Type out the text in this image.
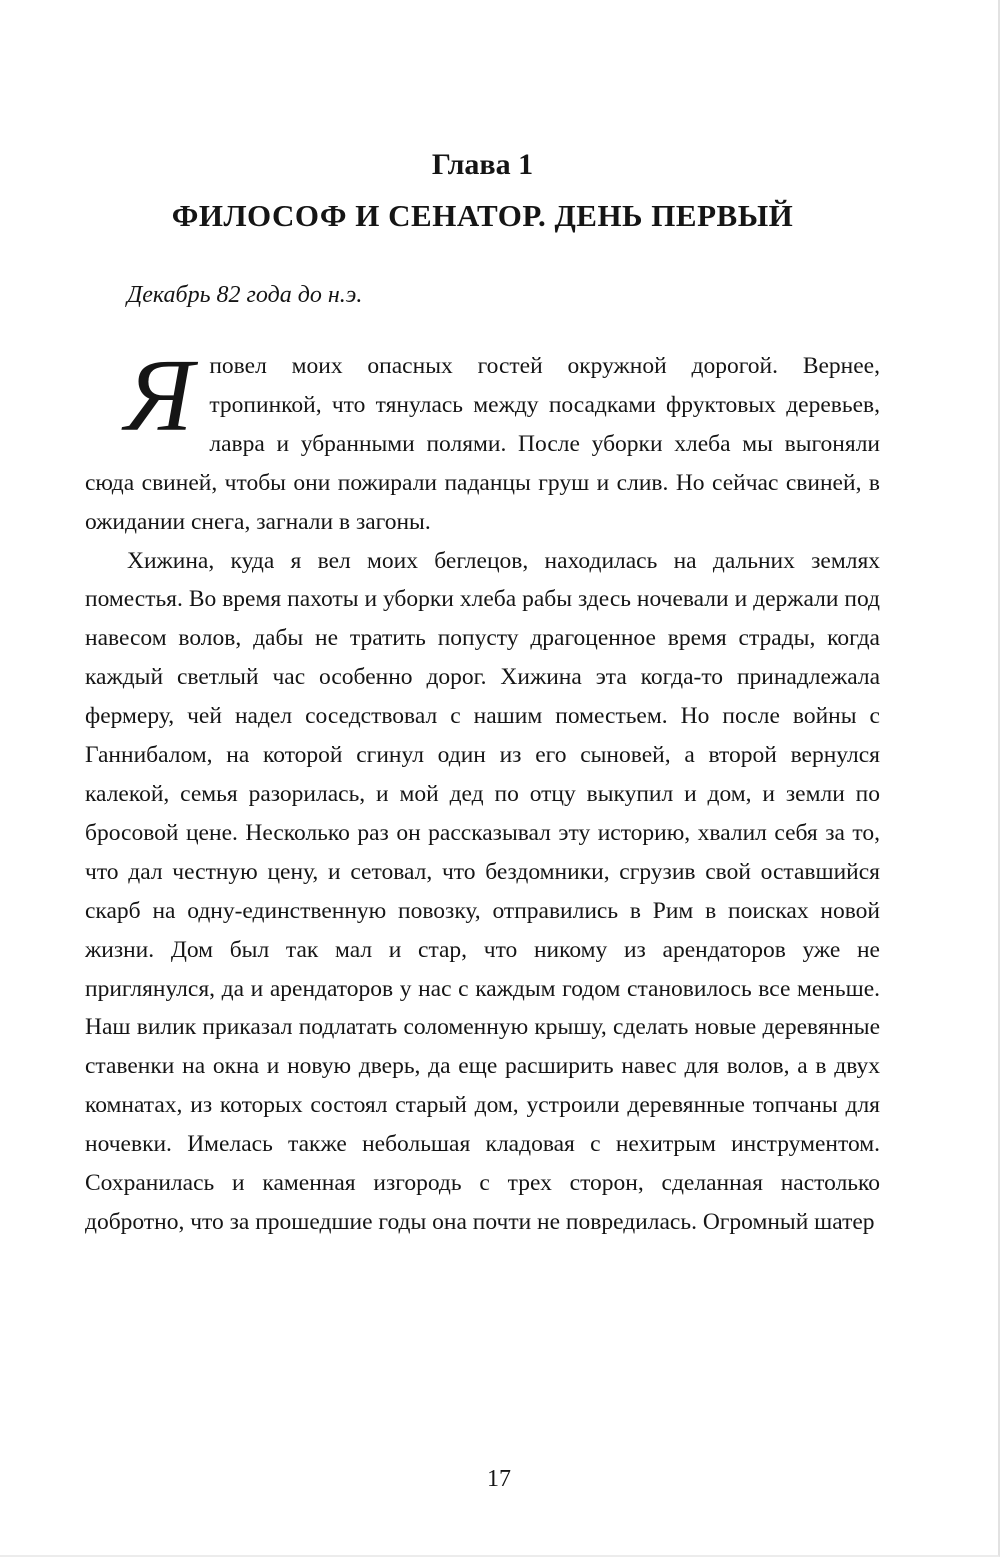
Глава 1
ФИЛОСОФ И СЕНАТОР. ДЕНЬ ПЕРВЫЙ
Декабрь 82 года до н.э.

Яповел моих опасных гостей окружной дорогой. Вернее, тропинкой, что тянулась между посадками фруктовых деревьев, лавра и убранными полями. После уборки хлеба мы выгоняли сюда свиней, чтобы они пожирали паданцы груш и слив. Но сейчас свиней, в ожидании снега, загнали в загоны.

Хижина, куда я вел моих беглецов, находилась на дальних землях поместья. Во время пахоты и уборки хлеба рабы здесь ночевали и держали под навесом волов, дабы не тратить попусту драгоценное время страды, когда каждый светлый час особенно дорог. Хижина эта когда-то принадлежала фермеру, чей надел соседствовал с нашим поместьем. Но после войны с Ганнибалом, на которой сгинул один из его сыновей, а второй вернулся калекой, семья разорилась, и мой дед по отцу выкупил и дом, и земли по бросовой цене. Несколько раз он рассказывал эту историю, хвалил себя за то, что дал честную цену, и сетовал, что бездомники, сгрузив свой оставшийся скарб на одну-единственную повозку, отправились в Рим в поисках новой жизни. Дом был так мал и стар, что никому из арендаторов уже не приглянулся, да и арендаторов у нас с каждым годом становилось все меньше. Наш вилик приказал подлатать соломенную крышу, сделать новые деревянные ставенки на окна и новую дверь, да еще расширить навес для волов, а в двух комнатах, из которых состоял старый дом, устроили деревянные топчаны для ночевки. Имелась также небольшая кладовая с нехитрым инструментом. Сохранилась и каменная изгородь с трех сторон, сделанная настолько добротно, что за прошедшие годы она почти не повредилась. Огромный шатер

17
